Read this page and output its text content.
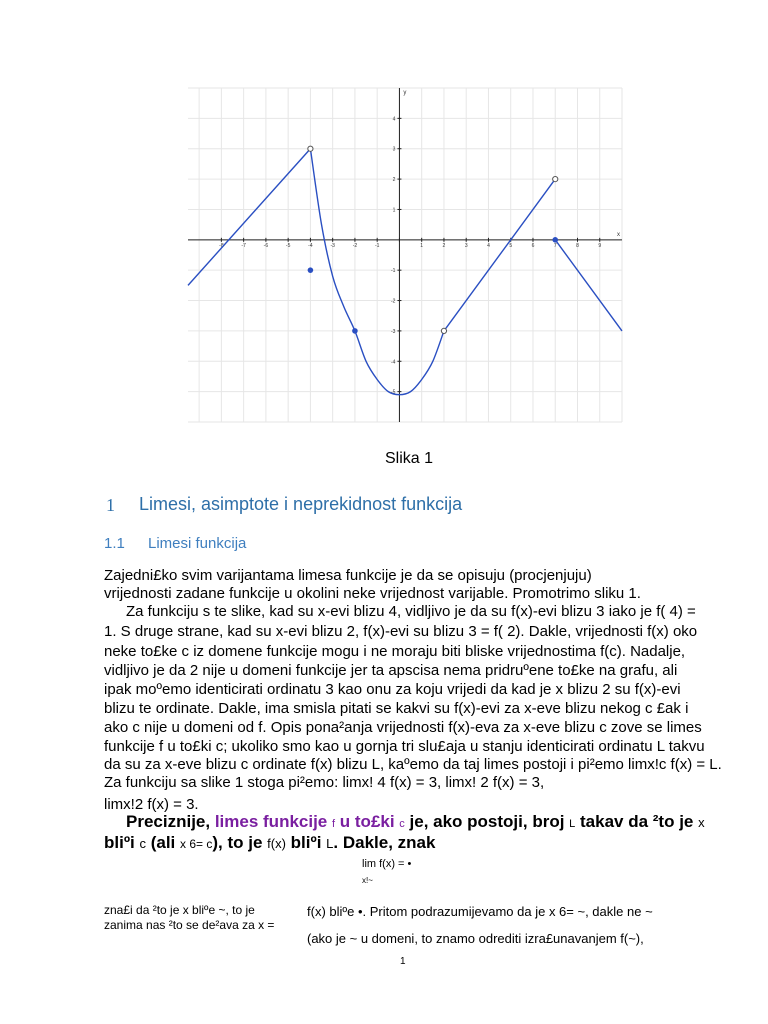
-8	-7	-6	-5	-4	-3	-2	-1	1	2	3	4	5	6	7	8	9
-5
-4
-3
-2
-1
1
2
3
4
x
y
Slika 1
1 Limesi, asimptote i neprekidnost funkcija
1.1 Limesi funkcija
Zajedni£ko svim varijantama limesa funkcije je da se opisuju (procjenjuju)
vrijednosti zadane funkcije u okolini neke vrijednost varijable. Promotrimo sliku 1.
Za funkciju s te slike, kad su x-evi blizu 4, vidljivo je da su f(x)-evi blizu 3 iako je f( 4) =
1. S druge strane, kad su x-evi blizu 2, f(x)-evi su blizu 3 = f( 2). Dakle, vrijednosti f(x) oko
neke to£ke c iz domene funkcije mogu i ne moraju biti bliske vrijednostima f(c). Nadalje,
vidljivo je da 2 nije u domeni funkcije jer ta apscisa nema pridruºene to£ke na grafu, ali
ipak moºemo identicirati ordinatu 3 kao onu za koju vrijedi da kad je x blizu 2 su f(x)-evi
blizu te ordinate. Dakle, ima smisla pitati se kakvi su f(x)-evi za x-eve blizu nekog c £ak i
ako c nije u domeni od f. Opis pona²anja vrijednosti f(x)-eva za x-eve blizu c zove se limes
funkcije f u to£ki c; ukoliko smo kao u gornja tri slu£aja u stanju identicirati ordinatu L takvu
da su za x-eve blizu c ordinate f(x) blizu L, kaºemo da taj limes postoji i pi²emo limx!c f(x) = L.
Za funkciju sa slike 1 stoga pi²emo: limx! 4 f(x) = 3, limx! 2 f(x) = 3,
limx!2 f(x) = 3.
Preciznije, limes funkcije f u to£ki c je, ako postoji, broj L takav da ²to je x
bliºi c (ali x 6= c), to je f(x) bliºi L. Dakle, znak
lim f(x) = •
x!~
zna£i da ²to je x bliºe ~, to je
zanima nas ²to se de²ava za x =
f(x) bliºe •. Pritom podrazumijevamo da je x 6= ~, dakle ne ~
(ako je ~ u domeni, to znamo odrediti izra£unavanjem f(~),
1
